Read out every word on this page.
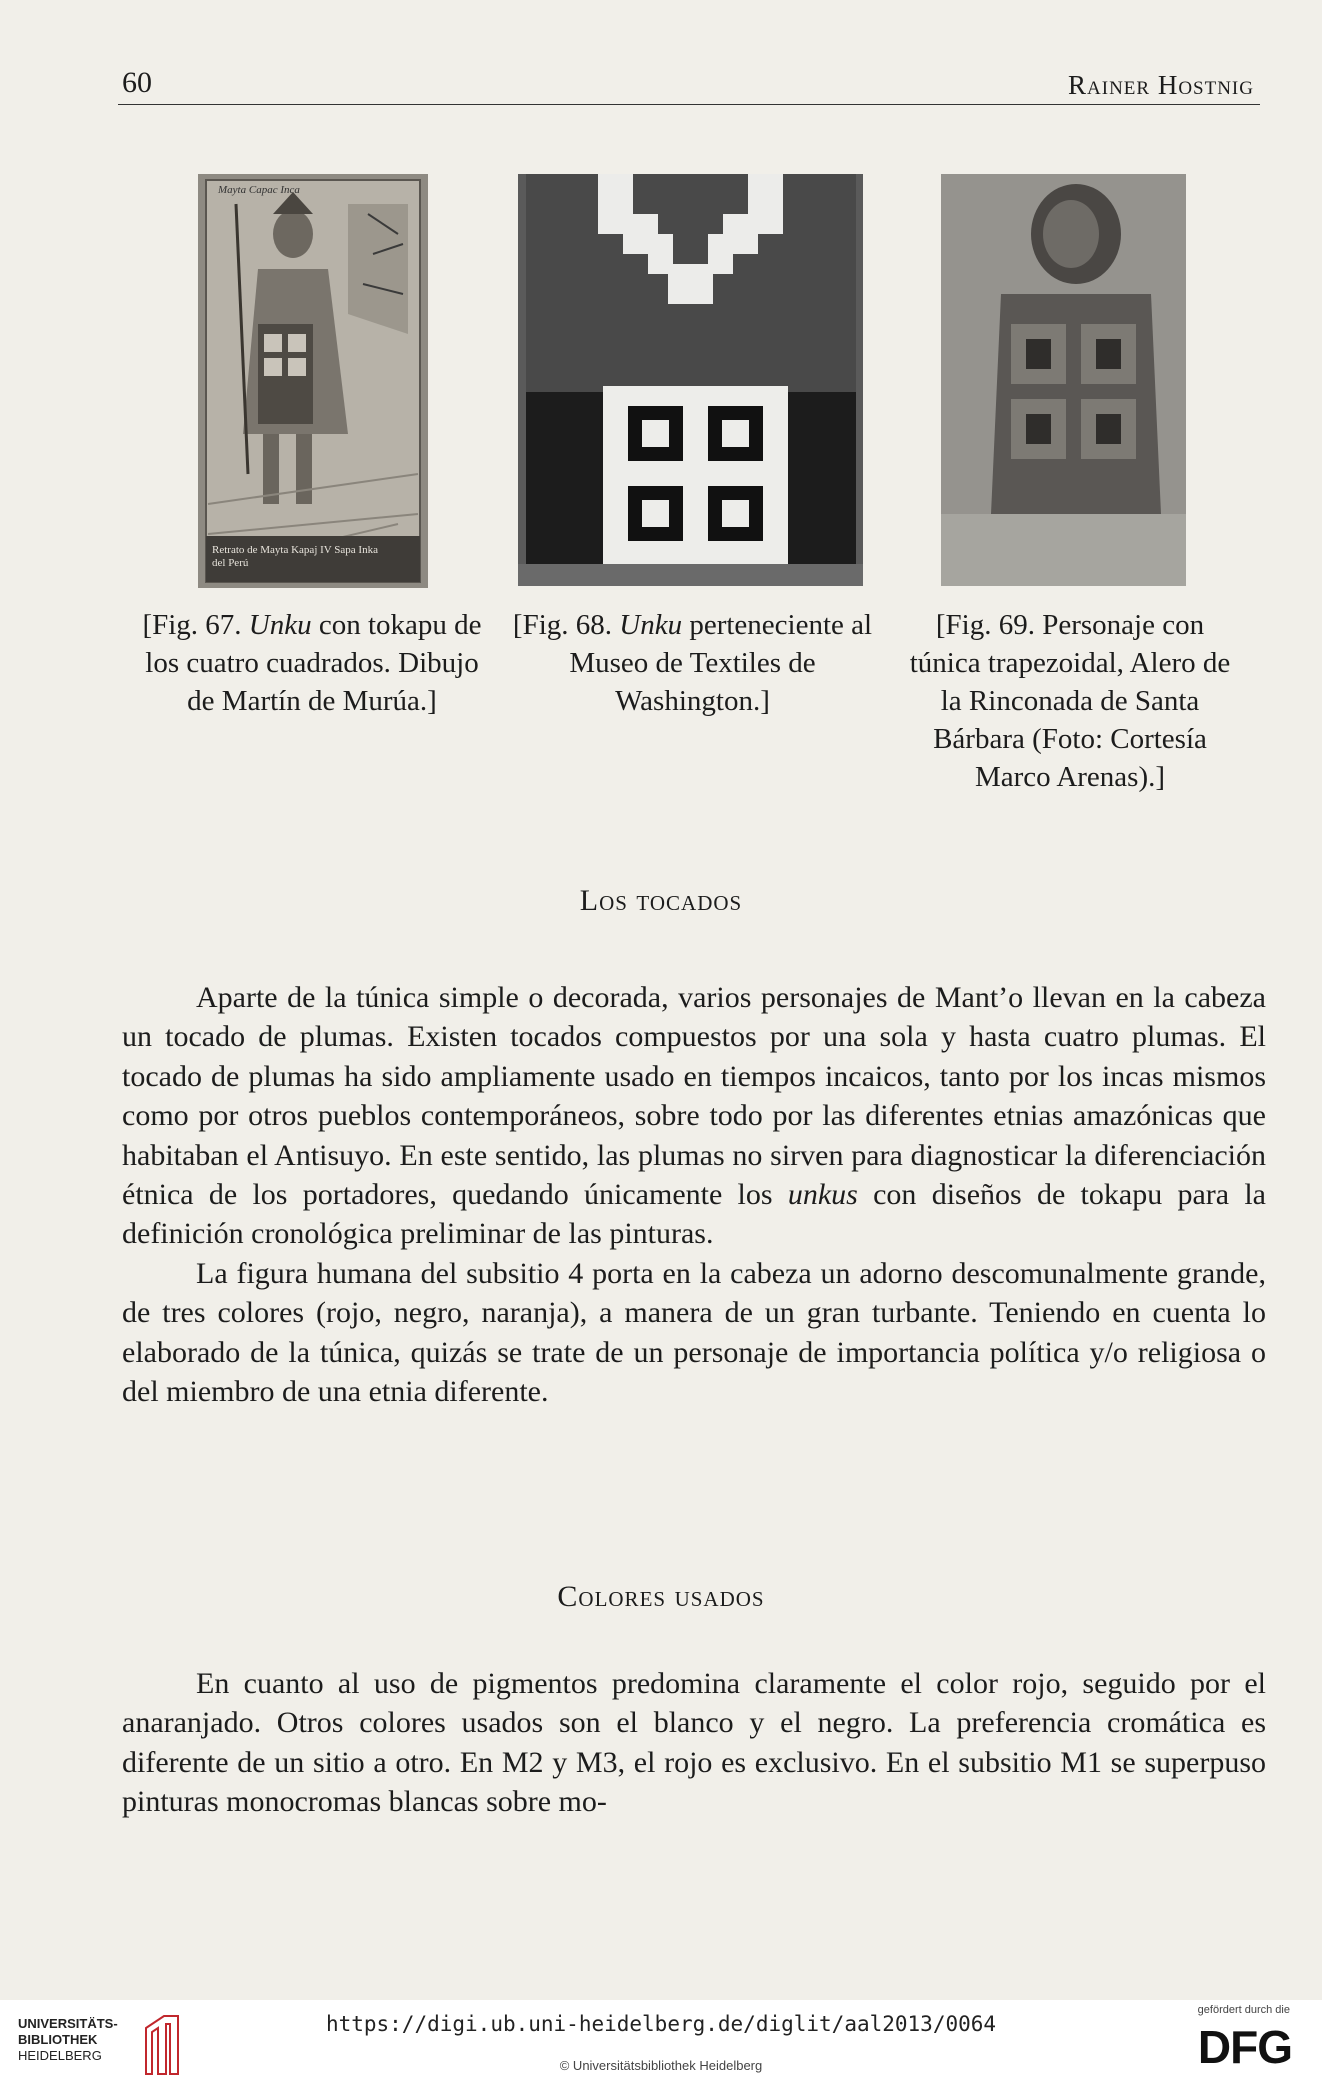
60	Rainer Hostnig
Mayta Capac Inca
Retrato de Mayta Kapaj IV Sapa Inka
del Perú
[Fig. 67. Unku con tokapu de los cuatro cuadrados. Dibujo de Martín de Murúa.]
[Fig. 68. Unku perteneciente al Museo de Textiles de Washington.]
[Fig. 69. Personaje con túnica trapezoidal, Alero de la Rinconada de Santa Bárbara (Foto: Cortesía Marco Arenas).]
Los tocados

Aparte de la túnica simple o decorada, varios personajes de Mant’o llevan en la cabeza un tocado de plumas. Existen tocados compuestos por una sola y hasta cuatro plumas. El tocado de plumas ha sido ampliamente usado en tiempos incaicos, tanto por los incas mismos como por otros pueblos contemporáneos, sobre todo por las diferentes etnias amazónicas que habitaban el Antisuyo. En este sentido, las plumas no sirven para diagnosticar la diferenciación étnica de los portadores, quedando únicamente los unkus con diseños de tokapu para la definición cronológica preliminar de las pinturas.

La figura humana del subsitio 4 porta en la cabeza un adorno descomunalmente grande, de tres colores (rojo, negro, naranja), a manera de un gran turbante. Teniendo en cuenta lo elaborado de la túnica, quizás se trate de un personaje de importancia política y/o religiosa o del miembro de una etnia diferente.

Colores usados

En cuanto al uso de pigmentos predomina claramente el color rojo, seguido por el anaranjado. Otros colores usados son el blanco y el negro. La preferencia cromática es diferente de un sitio a otro. En M2 y M3, el rojo es exclusivo. En el subsitio M1 se superpuso pinturas monocromas blancas sobre mo-

UNIVERSITÄTS-
BIBLIOTHEK
HEIDELBERG
https://digi.ub.uni-heidelberg.de/diglit/aal2013/0064
© Universitätsbibliothek Heidelberg
gefördert durch die
DFG
